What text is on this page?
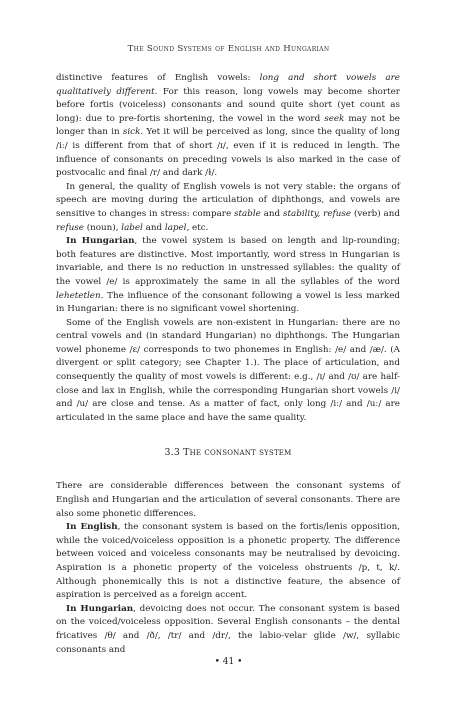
The Sound Systems of English and Hungarian

distinctive features of English vowels: long and short vowels are qualitatively different. For this reason, long vowels may become shorter before fortis (voiceless) consonants and sound quite short (yet count as long): due to pre-fortis shortening, the vowel in the word seek may not be longer than in sick. Yet it will be perceived as long, since the quality of long /iː/ is different from that of short /ɪ/, even if it is reduced in length. The influence of consonants on preceding vowels is also marked in the case of postvocalic and final /r/ and dark /ɫ/.

In general, the quality of English vowels is not very stable: the organs of speech are moving during the articulation of diphthongs, and vowels are sensitive to changes in stress: compare stable and stability, refuse (verb) and refuse (noun), label and lapel, etc.

In Hungarian, the vowel system is based on length and lip-rounding; both features are distinctive. Most importantly, word stress in Hungarian is invariable, and there is no reduction in unstressed syllables: the quality of the vowel /e/ is approximately the same in all the syllables of the word lehetetlen. The influence of the consonant following a vowel is less marked in Hungarian: there is no significant vowel shortening.

Some of the English vowels are non-existent in Hungarian: there are no central vowels and (in standard Hungarian) no diphthongs. The Hungarian vowel phoneme /ɛ/ corresponds to two phonemes in English: /e/ and /æ/. (A divergent or split category; see Chapter 1.). The place of articulation, and consequently the quality of most vowels is different: e.g., /ɪ/ and /ʊ/ are half-close and lax in English, while the corresponding Hungarian short vowels /i/ and /u/ are close and tense. As a matter of fact, only long /iː/ and /uː/ are articulated in the same place and have the same quality.

3.3 The consonant system

There are considerable differences between the consonant systems of English and Hungarian and the articulation of several consonants. There are also some phonetic differences.

In English, the consonant system is based on the fortis/lenis opposition, while the voiced/voiceless opposition is a phonetic property. The difference between voiced and voiceless consonants may be neutralised by devoicing. Aspiration is a phonetic property of the voiceless obstruents /p, t, k/. Although phonemically this is not a distinctive feature, the absence of aspiration is perceived as a foreign accent.

In Hungarian, devoicing does not occur. The consonant system is based on the voiced/voiceless opposition. Several English consonants – the dental fricatives /θ/ and /ð/, /tr/ and /dr/, the labio-velar glide /w/, syllabic consonants and

• 41 •
